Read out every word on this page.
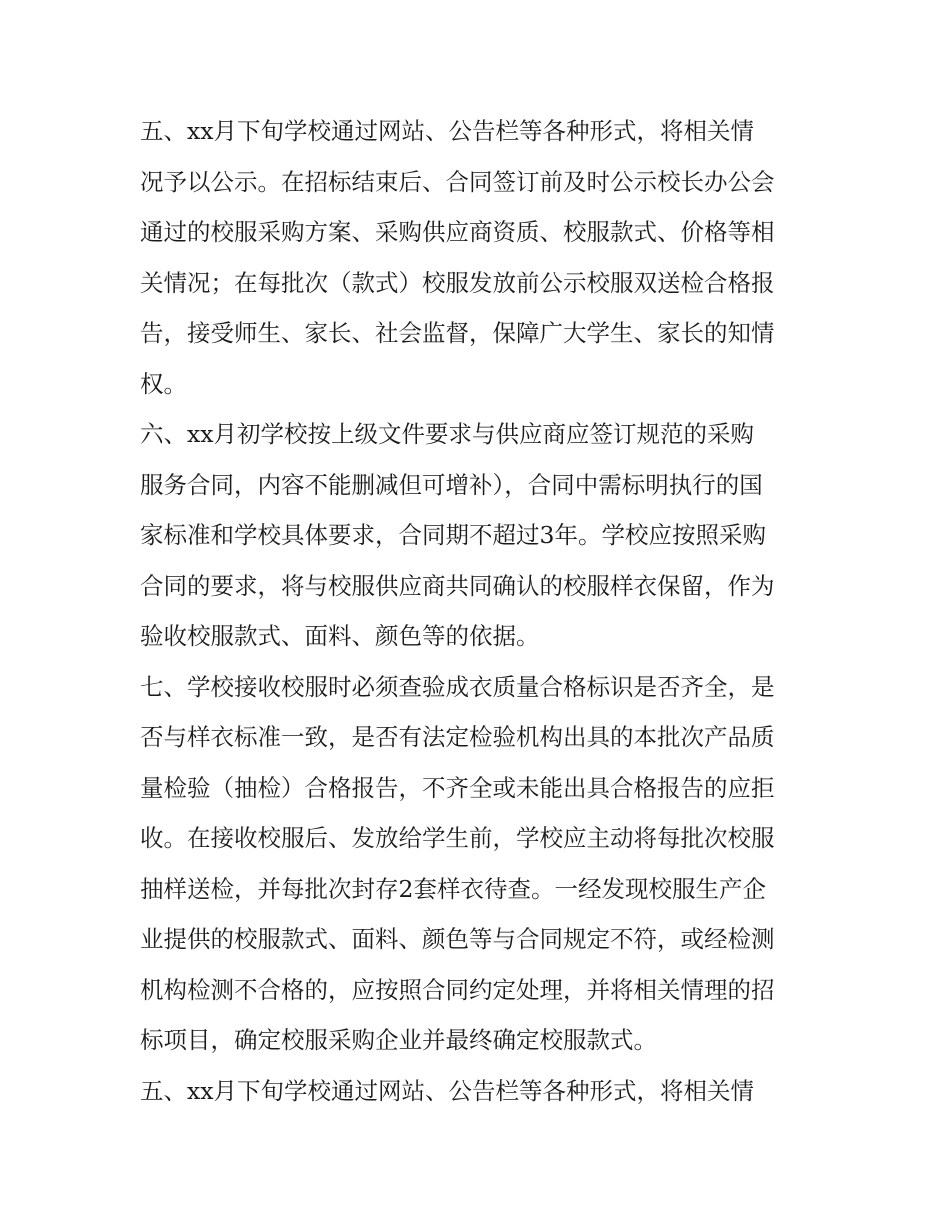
五、xx月下旬学校通过网站、公告栏等各种形式，将相关情
况予以公示。在招标结束后、合同签订前及时公示校长办公会
通过的校服采购方案、采购供应商资质、校服款式、价格等相
关情况；在每批次（款式）校服发放前公示校服双送检合格报
告，接受师生、家长、社会监督，保障广大学生、家长的知情
权。
六、xx月初学校按上级文件要求与供应商应签订规范的采购
服务合同，内容不能删减但可增补），合同中需标明执行的国
家标准和学校具体要求，合同期不超过3年。学校应按照采购
合同的要求，将与校服供应商共同确认的校服样衣保留，作为
验收校服款式、面料、颜色等的依据。
七、学校接收校服时必须查验成衣质量合格标识是否齐全，是
否与样衣标准一致，是否有法定检验机构出具的本批次产品质
量检验（抽检）合格报告，不齐全或未能出具合格报告的应拒
收。在接收校服后、发放给学生前，学校应主动将每批次校服
抽样送检，并每批次封存2套样衣待查。一经发现校服生产企
业提供的校服款式、面料、颜色等与合同规定不符，或经检测
机构检测不合格的，应按照合同约定处理，并将相关情理的招
标项目，确定校服采购企业并最终确定校服款式。
五、xx月下旬学校通过网站、公告栏等各种形式，将相关情
